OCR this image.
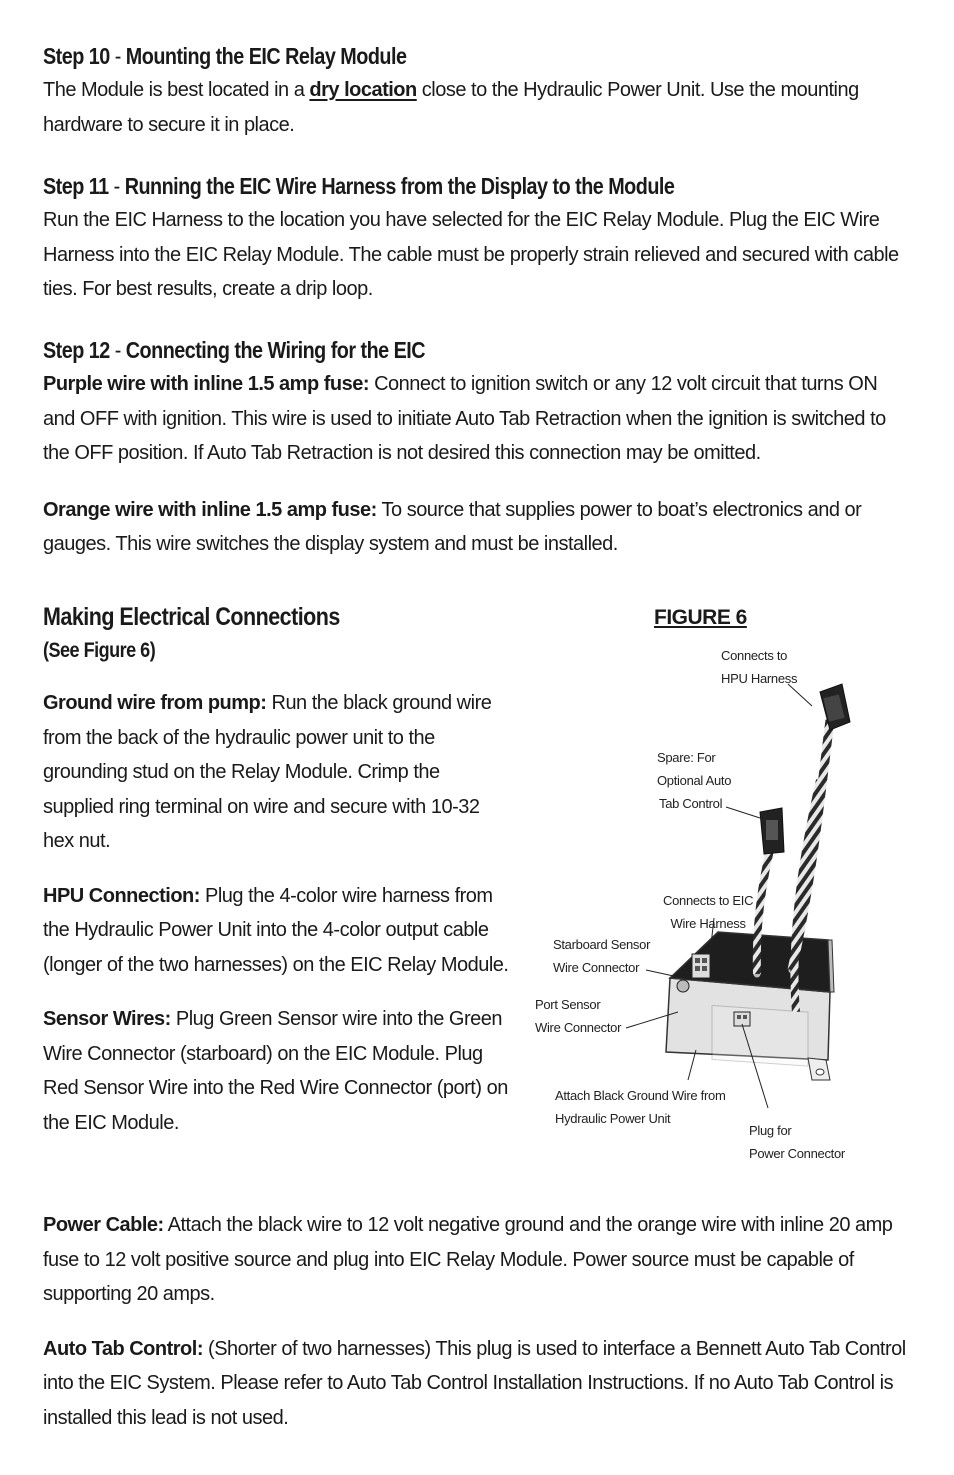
Step 10 - Mounting the EIC Relay Module
The Module is best located in a dry location close to the Hydraulic Power Unit. Use the mounting hardware to secure it in place.
Step 11 - Running the EIC Wire Harness from the Display to the Module
Run the EIC Harness to the location you have selected for the EIC Relay Module. Plug the EIC Wire Harness into the EIC Relay Module. The cable must be properly strain relieved and secured with cable ties. For best results, create a drip loop.
Step 12 - Connecting the Wiring for the EIC
Purple wire with inline 1.5 amp fuse: Connect to ignition switch or any 12 volt circuit that turns ON and OFF with ignition. This wire is used to initiate Auto Tab Retraction when the ignition is switched to the OFF position. If Auto Tab Retraction is not desired this connection may be omitted.
Orange wire with inline 1.5 amp fuse: To source that supplies power to boat’s electronics and or gauges. This wire switches the display system and must be installed.
Making Electrical Connections
(See Figure 6)
Ground wire from pump: Run the black ground wire from the back of the hydraulic power unit to the grounding stud on the Relay Module. Crimp the supplied ring terminal on wire and secure with 10-32 hex nut.
HPU Connection: Plug the 4-color wire harness from the Hydraulic Power Unit into the 4-color output cable (longer of the two harnesses) on the EIC Relay Module.
Sensor Wires: Plug Green Sensor wire into the Green Wire Connector (starboard) on the EIC Module. Plug Red Sensor Wire into the Red Wire Connector (port) on the EIC Module.
Power Cable: Attach the black wire to 12 volt negative ground and the orange wire with inline 20 amp fuse to 12 volt positive source and plug into EIC Relay Module. Power source must be capable of supporting 20 amps.
Auto Tab Control: (Shorter of two harnesses) This plug is used to interface a Bennett Auto Tab Control into the EIC System. Please refer to Auto Tab Control Installation Instructions. If no Auto Tab Control is installed this lead is not used.
FIGURE 6
Connects to
HPU Harness
Spare: For
Optional Auto
Tab Control
Connects to EIC
Wire Harness
Starboard Sensor
Wire Connector
Port Sensor
Wire Connector
Attach Black Ground Wire from
Hydraulic Power Unit
Plug for
Power Connector
